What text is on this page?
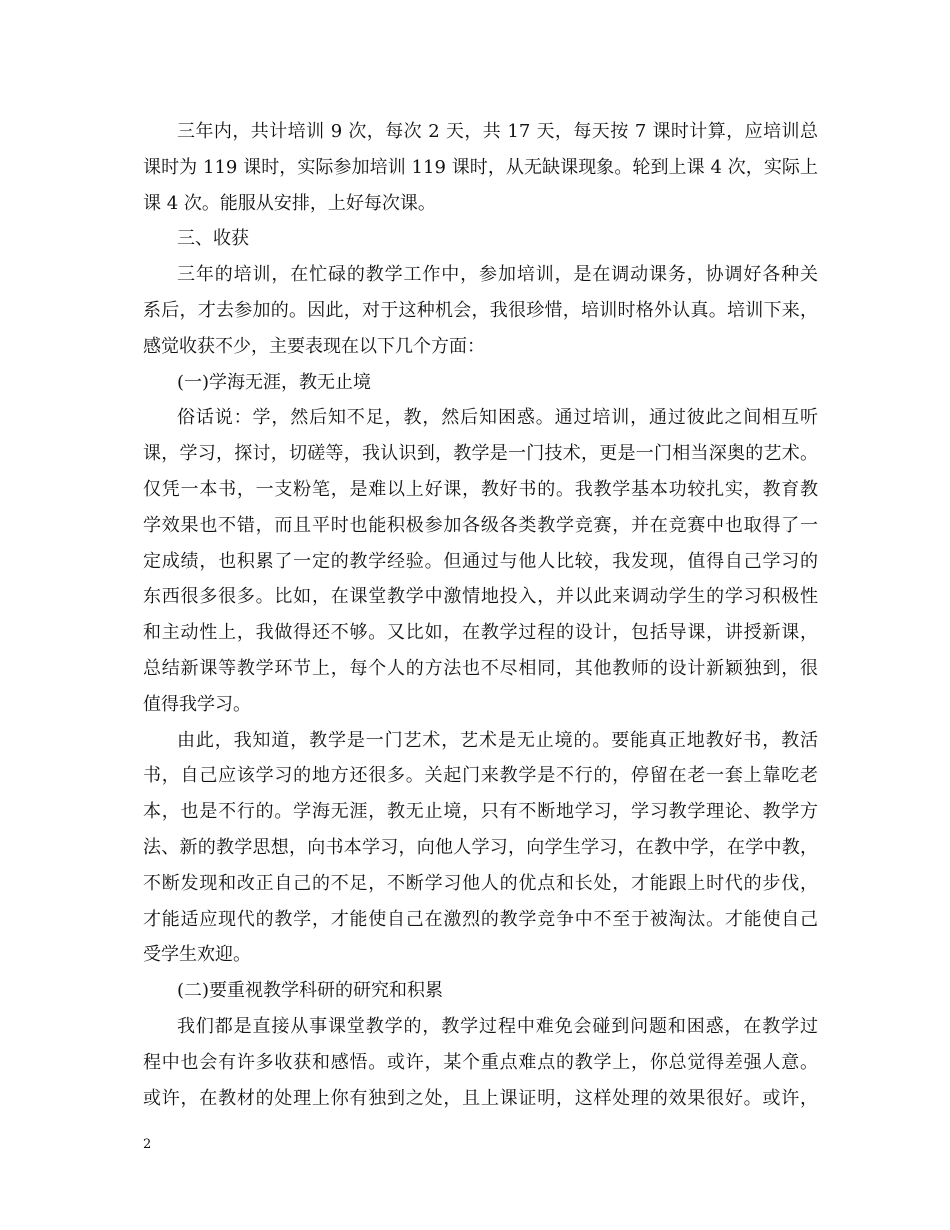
三年内，共计培训 9 次，每次 2 天，共 17 天，每天按 7 课时计算，应培训总
课时为 119 课时，实际参加培训 119 课时，从无缺课现象。轮到上课 4 次，实际上
课 4 次。能服从安排，上好每次课。
三、收获
三年的培训，在忙碌的教学工作中，参加培训，是在调动课务，协调好各种关
系后，才去参加的。因此，对于这种机会，我很珍惜，培训时格外认真。培训下来，
感觉收获不少，主要表现在以下几个方面：
(一)学海无涯，教无止境
俗话说：学，然后知不足，教，然后知困惑。通过培训，通过彼此之间相互听
课，学习，探讨，切磋等，我认识到，教学是一门技术，更是一门相当深奥的艺术。
仅凭一本书，一支粉笔，是难以上好课，教好书的。我教学基本功较扎实，教育教
学效果也不错，而且平时也能积极参加各级各类教学竞赛，并在竞赛中也取得了一
定成绩，也积累了一定的教学经验。但通过与他人比较，我发现，值得自己学习的
东西很多很多。比如，在课堂教学中激情地投入，并以此来调动学生的学习积极性
和主动性上，我做得还不够。又比如，在教学过程的设计，包括导课，讲授新课，
总结新课等教学环节上，每个人的方法也不尽相同，其他教师的设计新颖独到，很
值得我学习。
由此，我知道，教学是一门艺术，艺术是无止境的。要能真正地教好书，教活
书，自己应该学习的地方还很多。关起门来教学是不行的，停留在老一套上靠吃老
本，也是不行的。学海无涯，教无止境，只有不断地学习，学习教学理论、教学方
法、新的教学思想，向书本学习，向他人学习，向学生学习，在教中学，在学中教，
不断发现和改正自己的不足，不断学习他人的优点和长处，才能跟上时代的步伐，
才能适应现代的教学，才能使自己在激烈的教学竞争中不至于被淘汰。才能使自己
受学生欢迎。
(二)要重视教学科研的研究和积累
我们都是直接从事课堂教学的，教学过程中难免会碰到问题和困惑，在教学过
程中也会有许多收获和感悟。或许，某个重点难点的教学上，你总觉得差强人意。
或许，在教材的处理上你有独到之处，且上课证明，这样处理的效果很好。或许，
2
